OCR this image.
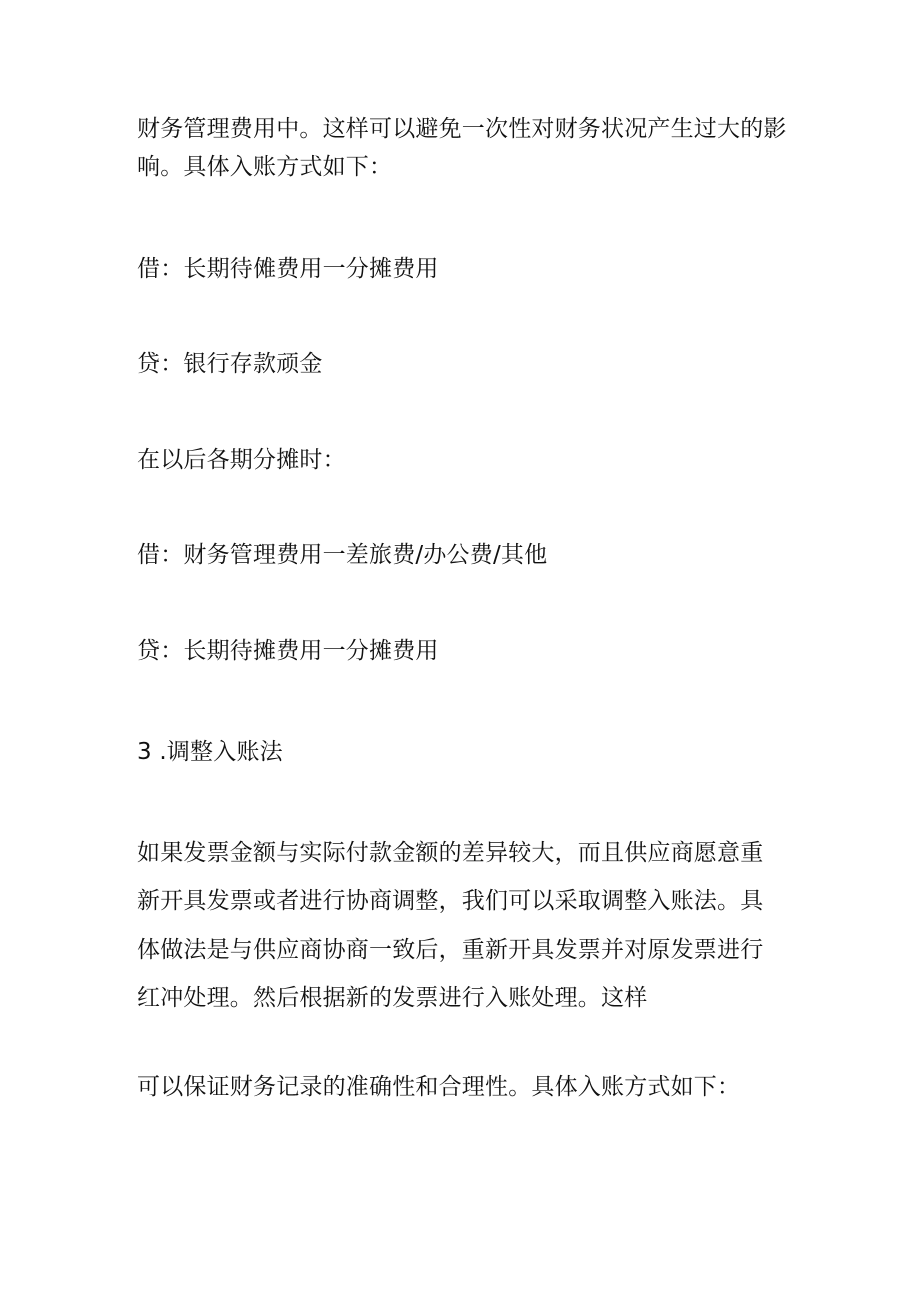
财务管理费用中。这样可以避免一次性对财务状况产生过大的影
响。具体入账方式如下：
借：长期待傩费用一分摊费用
贷：银行存款顽金
在以后各期分摊时：
借：财务管理费用一差旅费/办公费/其他
贷：长期待摊费用一分摊费用
3 .调整入账法
如果发票金额与实际付款金额的差异较大，而且供应商愿意重
新开具发票或者进行协商调整，我们可以采取调整入账法。具
体做法是与供应商协商一致后，重新开具发票并对原发票进行
红冲处理。然后根据新的发票进行入账处理。这样
可以保证财务记录的准确性和合理性。具体入账方式如下：
